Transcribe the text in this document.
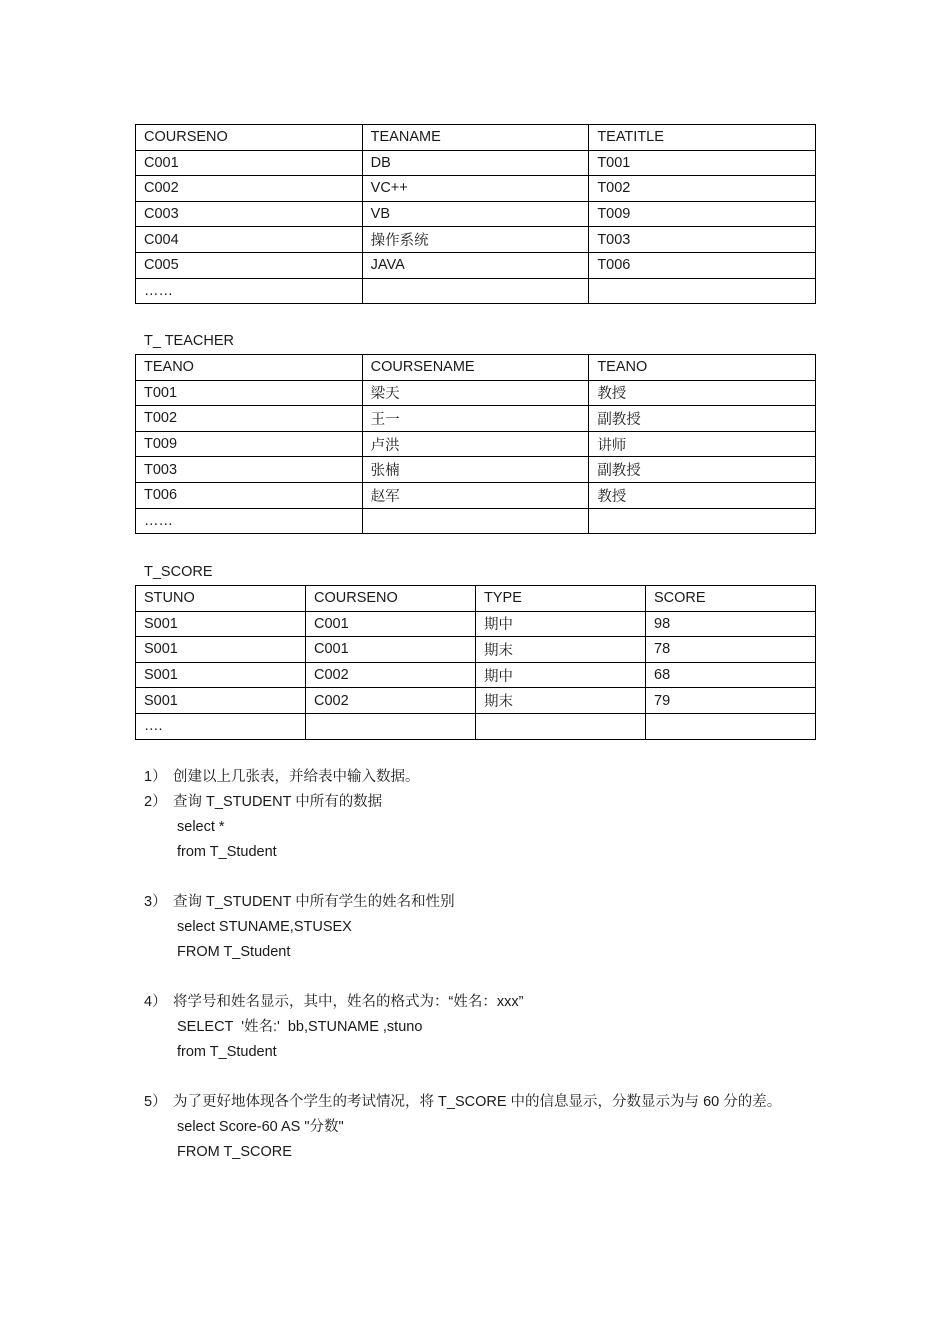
COURSENO	TEANAME	TEATITLE
C001	DB	T001
C002	VC++	T002
C003	VB	T009
C004	操作系统	T003
C005	JAVA	T006
……		
T_ TEACHER
TEANO	COURSENAME	TEANO
T001	梁天	教授
T002	王一	副教授
T009	卢洪	讲师
T003	张楠	副教授
T006	赵军	教授
……		
T_SCORE
STUNO	COURSENO	TYPE	SCORE
S001	C001	期中	98
S001	C001	期末	78
S001	C002	期中	68
S001	C002	期末	79
….			
1） 创建以上几张表，并给表中输入数据。
2） 查询 T_STUDENT 中所有的数据
select *
from T_Student
3） 查询 T_STUDENT 中所有学生的姓名和性别
select STUNAME,STUSEX
FROM T_Student
4） 将学号和姓名显示，其中，姓名的格式为：“姓名：xxx”
SELECT  '姓名:'  bb,STUNAME ,stuno
from T_Student
5） 为了更好地体现各个学生的考试情况，将 T_SCORE 中的信息显示，分数显示为与 60 分的差。
select Score-60 AS "分数"
FROM T_SCORE
